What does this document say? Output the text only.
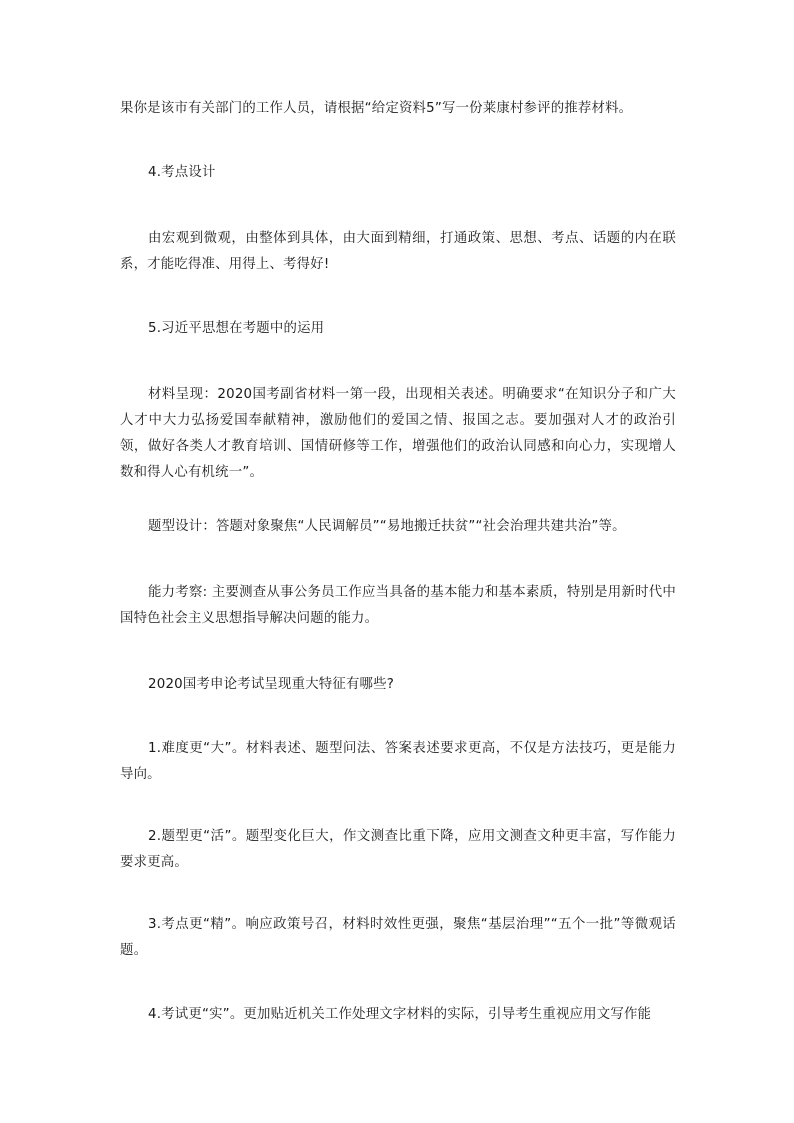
果你是该市有关部门的工作人员，请根据“给定资料5”写一份莱康村参评的推荐材料。

4.考点设计

由宏观到微观，由整体到具体，由大面到精细，打通政策、思想、考点、话题的内在联系，才能吃得准、用得上、考得好!

5.习近平思想在考题中的运用

材料呈现：2020国考副省材料一第一段，出现相关表述。明确要求“在知识分子和广大人才中大力弘扬爱国奉献精神，激励他们的爱国之情、报国之志。要加强对人才的政治引领，做好各类人才教育培训、国情研修等工作，增强他们的政治认同感和向心力，实现增人数和得人心有机统一”。

题型设计：答题对象聚焦“人民调解员”“易地搬迁扶贫”“社会治理共建共治”等。

能力考察: 主要测查从事公务员工作应当具备的基本能力和基本素质，特别是用新时代中国特色社会主义思想指导解决问题的能力。

2020国考申论考试呈现重大特征有哪些?

1.难度更“大”。材料表述、题型问法、答案表述要求更高，不仅是方法技巧，更是能力导向。

2.题型更“活”。题型变化巨大，作文测查比重下降，应用文测查文种更丰富，写作能力要求更高。

3.考点更“精”。响应政策号召，材料时效性更强，聚焦“基层治理”“五个一批”等微观话题。

4.考试更“实”。更加贴近机关工作处理文字材料的实际，引导考生重视应用文写作能
